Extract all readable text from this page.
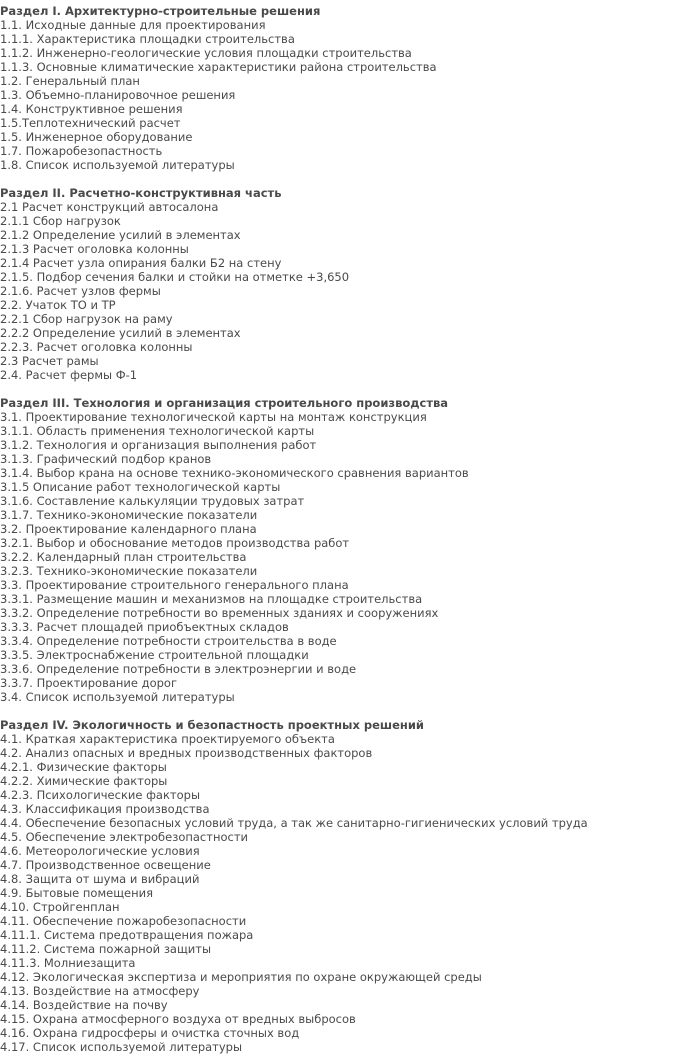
Раздел I. Архитектурно-строительные решения
1.1. Исходные данные для проектирования
1.1.1. Характеристика площадки строительства
1.1.2. Инженерно-геологические условия площадки строительства
1.1.3. Основные климатические характеристики района строительства
1.2. Генеральный план
1.3. Объемно-планировочное решения
1.4. Конструктивное решения
1.5.Теплотехнический расчет
1.5. Инженерное оборудование
1.7. Пожаробезопастность
1.8. Список используемой литературы
Раздел II. Расчетно-конструктивная часть
2.1 Расчет конструкций автосалона
2.1.1 Сбор нагрузок
2.1.2 Определение усилий в элементах
2.1.3 Расчет оголовка колонны
2.1.4 Расчет узла опирания балки Б2 на стену
2.1.5. Подбор сечения балки и стойки на отметке +3,650
2.1.6. Расчет узлов фермы
2.2. Учаток ТО и ТР
2.2.1 Сбор нагрузок на раму
2.2.2 Определение усилий в элементах
2.2.3. Расчет оголовка колонны
2.3 Расчет рамы
2.4. Расчет фермы Ф-1
Раздел III. Технология и организация строительного производства
3.1. Проектирование технологической карты на монтаж конструкция
3.1.1. Область применения технологической карты
3.1.2. Технология и организация выполнения работ
3.1.3. Графический подбор кранов
3.1.4. Выбор крана на основе технико-экономического сравнения вариантов
3.1.5 Описание работ технологической карты
3.1.6. Составление калькуляции трудовых затрат
3.1.7. Технико-экономические показатели
3.2. Проектирование календарного плана
3.2.1. Выбор и обоснование методов производства работ
3.2.2. Календарный план строительства
3.2.3. Технико-экономические показатели
3.3. Проектирование строительного генерального плана
3.3.1. Размещение машин и механизмов на площадке строительства
3.3.2. Определение потребности во временных зданиях и сооружениях
3.3.3. Расчет площадей приобъектных складов
3.3.4. Определение потребности строительства в воде
3.3.5. Электроснабжение строительной площадки
3.3.6. Определение потребности в электроэнергии и воде
3.3.7. Проектирование дорог
3.4. Список используемой литературы
Раздел IV. Экологичность и безопастность проектных решений
4.1. Краткая характеристика проектируемого объекта
4.2. Анализ опасных и вредных производственных факторов
4.2.1. Физические факторы
4.2.2. Химические факторы
4.2.3. Психологические факторы
4.3. Классификация производства
4.4. Обеспечение безопасных условий труда, а так же санитарно-гигиенических условий труда
4.5. Обеспечение электробезопастности
4.6. Метеорологические условия
4.7. Производственное освещение
4.8. Защита от шума и вибраций
4.9. Бытовые помещения
4.10. Стройгенплан
4.11. Обеспечение пожаробезопасности
4.11.1. Система предотвращения пожара
4.11.2. Система пожарной защиты
4.11.3. Молниезащита
4.12. Экологическая экспертиза и мероприятия по охране окружающей среды
4.13. Воздействие на атмосферу
4.14. Воздействие на почву
4.15. Охрана атмосферного воздуха от вредных выбросов
4.16. Охрана гидросферы и очистка сточных вод
4.17. Список используемой литературы
